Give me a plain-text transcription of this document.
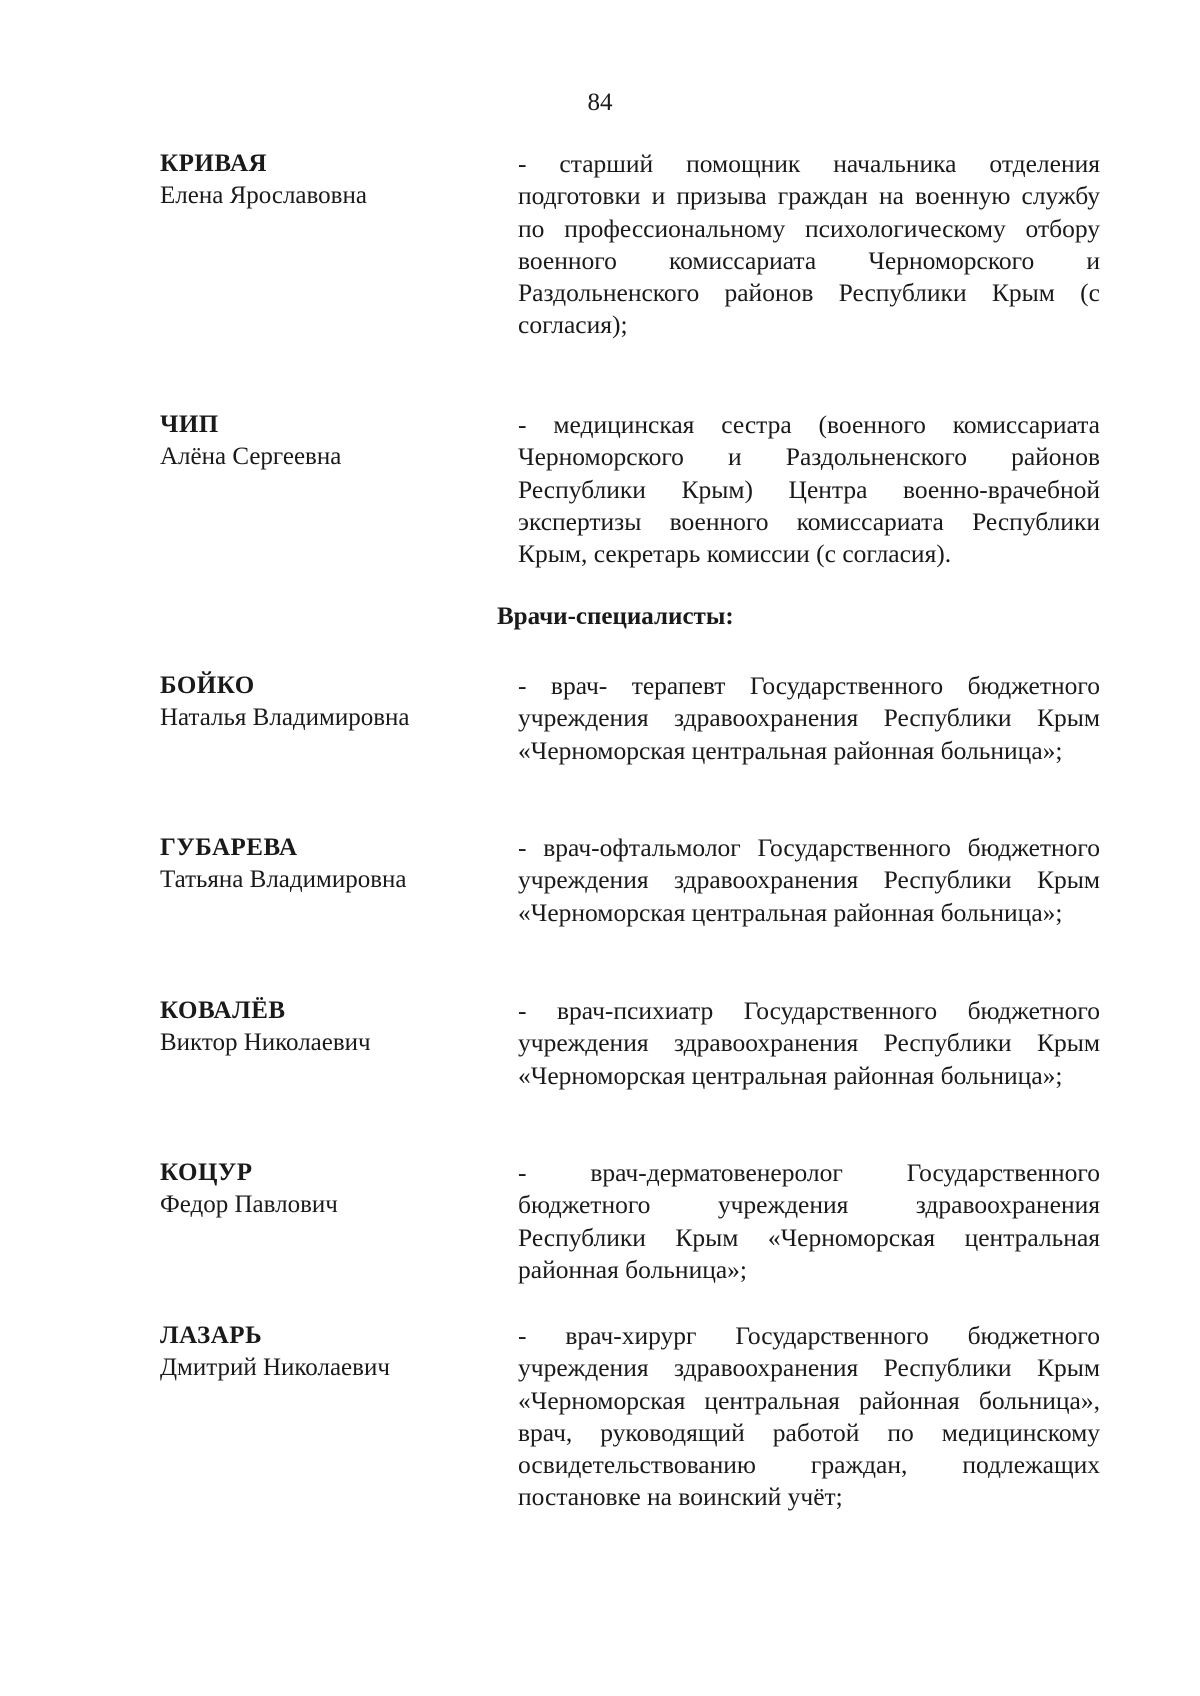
84
КРИВАЯ
Елена Ярославовна
- старший помощник начальника отделения подготовки и призыва граждан на военную службу по профессиональному психологическому отбору военного комиссариата Черноморского и Раздольненского районов Республики Крым (с согласия);
ЧИП
Алёна Сергеевна
- медицинская сестра (военного комиссариата Черноморского и Раздольненского районов Республики Крым) Центра военно-врачебной экспертизы военного комиссариата Республики Крым, секретарь комиссии (с согласия).
Врачи-специалисты:
БОЙКО
Наталья Владимировна
- врач- терапевт Государственного бюджетного учреждения здравоохранения Республики Крым «Черноморская центральная районная больница»;
ГУБАРЕВА
Татьяна Владимировна
- врач-офтальмолог Государственного бюджетного учреждения здравоохранения Республики Крым «Черноморская центральная районная больница»;
КОВАЛЁВ
Виктор Николаевич
- врач-психиатр Государственного бюджетного учреждения здравоохранения Республики Крым «Черноморская центральная районная больница»;
КОЦУР
Федор Павлович
- врач-дерматовенеролог Государственного бюджетного учреждения здравоохранения Республики Крым «Черноморская центральная районная больница»;
ЛАЗАРЬ
Дмитрий Николаевич
- врач-хирург Государственного бюджетного учреждения здравоохранения Республики Крым «Черноморская центральная районная больница», врач, руководящий работой по медицинскому освидетельствованию граждан, подлежащих постановке на воинский учёт;
